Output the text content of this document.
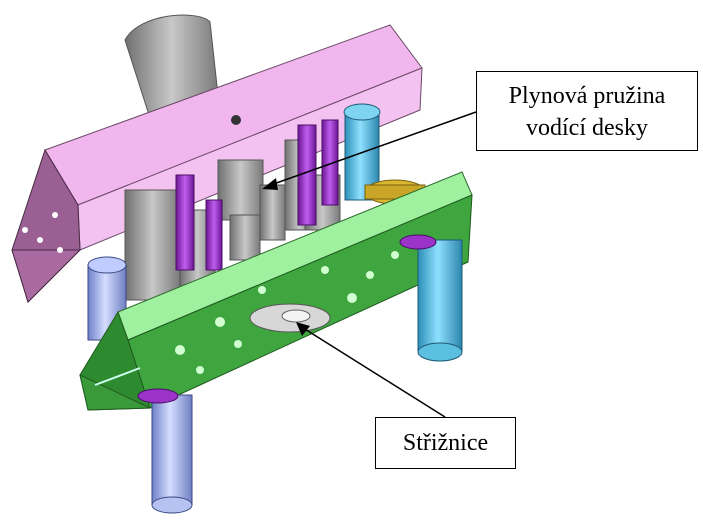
Plynová pružina
vodící desky
Střižnice
